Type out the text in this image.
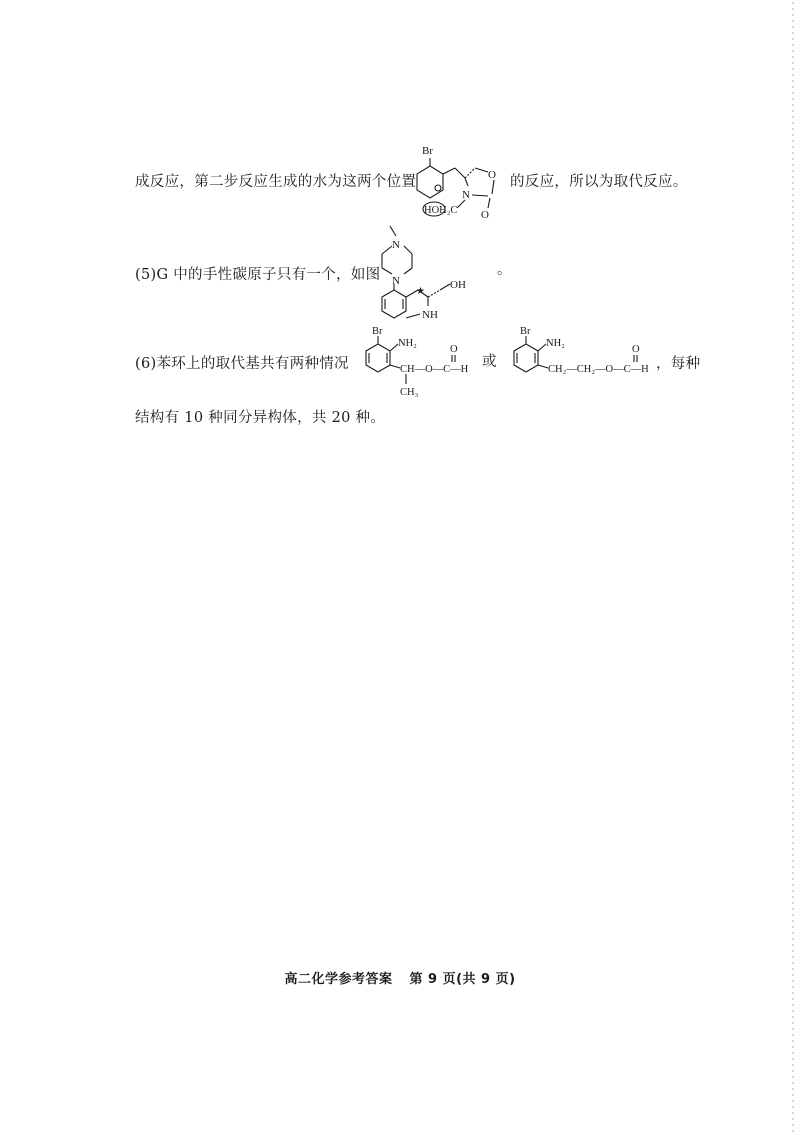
成反应，第二步反应生成的水为这两个位置	的反应，所以为取代反应。
Br
O
N
O
HOH₂C
(5)G 中的手性碳原子只有一个，如图
N
N
★
NH
OH
。
(6)苯环上的取代基共有两种情况
Br
NH₂
CH—O—C—H
O
CH₃
或
Br
NH₂
CH₂—CH₂—O—C—H
O
，每种
结构有 10 种同分异构体，共 20 种。
高二化学参考答案 第 9 页(共 9 页)
